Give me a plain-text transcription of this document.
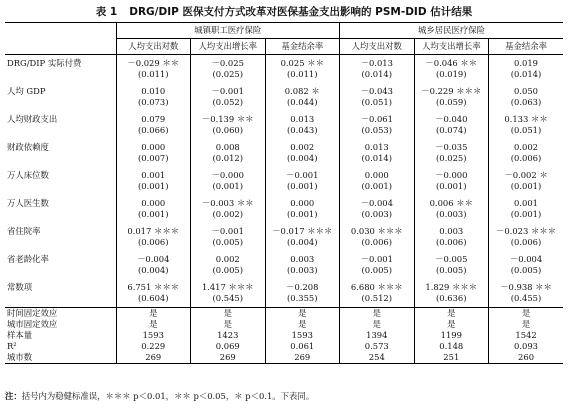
表 1 DRG/DIP 医保支付方式改革对医保基金支出影响的 PSM-DID 估计结果
	城镇职工医疗保险			城乡居民医疗保险		
	人均支出对数	人均支出增长率	基金结余率	人均支出对数	人均支出增长率	基金结余率
DRG/DIP 实际付费	－0.029 ＊＊	－0.025	0.025 ＊＊	－0.013	－0.046 ＊＊	0.019
	(0.011)	(0.025)	(0.011)	(0.014)	(0.019)	(0.014)
人均 GDP	0.010	－0.001	0.082 ＊	－0.043	－0.229 ＊＊＊	0.050
	(0.073)	(0.052)	(0.044)	(0.051)	(0.059)	(0.063)
人均财政支出	0.079	－0.139 ＊＊	0.013	－0.061	－0.040	0.133 ＊＊
	(0.066)	(0.060)	(0.043)	(0.053)	(0.074)	(0.051)
财政依赖度	0.000	0.008	0.002	0.013	－0.035	0.002
	(0.007)	(0.012)	(0.004)	(0.014)	(0.025)	(0.006)
万人床位数	0.001	－0.000	－0.001	0.000	－0.000	－0.002 ＊
	(0.001)	(0.001)	(0.001)	(0.001)	(0.001)	(0.001)
万人医生数	0.000	－0.003 ＊＊	0.000	－0.004	0.006 ＊＊	0.001
	(0.001)	(0.002)	(0.001)	(0.003)	(0.003)	(0.001)
省住院率	0.017 ＊＊＊	－0.001	－0.017 ＊＊＊	0.030 ＊＊＊	0.003	－0.023 ＊＊＊
	(0.006)	(0.005)	(0.004)	(0.006)	(0.006)	(0.006)
省老龄化率	－0.004	0.002	0.003	－0.001	－0.005	－0.004
	(0.004)	(0.005)	(0.003)	(0.005)	(0.005)	(0.005)
常数项	6.751 ＊＊＊	1.417 ＊＊＊	－0.208	6.680 ＊＊＊	1.829 ＊＊＊	－0.938 ＊＊
	(0.604)	(0.545)	(0.355)	(0.512)	(0.636)	(0.455)
时间固定效应	是	是	是	是	是	是
城市固定效应	是	是	是	是	是	是
样本量	1593	1423	1593	1394	1199	1542
R²	0.229	0.069	0.061	0.573	0.148	0.093
城市数	269	269	269	254	251	260
注：括号内为稳健标准误，＊＊＊ p＜0.01，＊＊ p＜0.05，＊ p＜0.1。下表同。
